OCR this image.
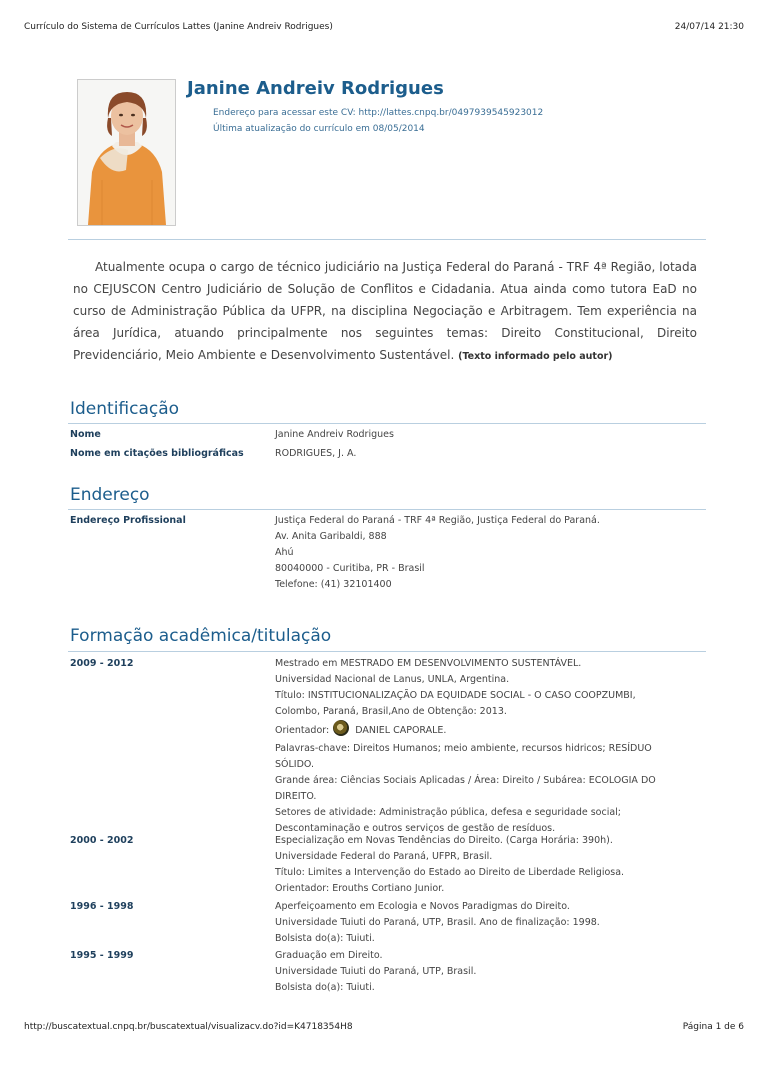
Currículo do Sistema de Currículos Lattes (Janine Andreiv Rodrigues)	24/07/14 21:30
Janine Andreiv Rodrigues
Endereço para acessar este CV: http://lattes.cnpq.br/0497939545923012
Última atualização do currículo em 08/05/2014
Atualmente ocupa o cargo de técnico judiciário na Justiça Federal do Paraná - TRF 4ª Região, lotada no CEJUSCON Centro Judiciário de Solução de Conflitos e Cidadania. Atua ainda como tutora EaD no curso de Administração Pública da UFPR, na disciplina Negociação e Arbitragem. Tem experiência na área Jurídica, atuando principalmente nos seguintes temas: Direito Constitucional, Direito Previdenciário, Meio Ambiente e Desenvolvimento Sustentável. (Texto informado pelo autor)
Identificação
Nome	Janine Andreiv Rodrigues
Nome em citações bibliográficas	RODRIGUES, J. A.
Endereço
Endereço Profissional	Justiça Federal do Paraná - TRF 4ª Região, Justiça Federal do Paraná.
Av. Anita Garibaldi, 888
Ahú
80040000 - Curitiba, PR - Brasil
Telefone: (41) 32101400
Formação acadêmica/titulação
2009 - 2012	Mestrado em MESTRADO EM DESENVOLVIMENTO SUSTENTÁVEL.
Universidad Nacional de Lanus, UNLA, Argentina.
Título: INSTITUCIONALIZAÇÃO DA EQUIDADE SOCIAL - O CASO COOPZUMBI,
Colombo, Paraná, Brasil,Ano de Obtenção: 2013.
Orientador:	DANIEL CAPORALE.
Palavras-chave: Direitos Humanos; meio ambiente, recursos hidricos; RESÍDUO
SÓLIDO.
Grande área: Ciências Sociais Aplicadas / Área: Direito / Subárea: ECOLOGIA DO
DIREITO.
Setores de atividade: Administração pública, defesa e seguridade social;
Descontaminação e outros serviços de gestão de resíduos.
2000 - 2002	Especialização em Novas Tendências do Direito. (Carga Horária: 390h).
Universidade Federal do Paraná, UFPR, Brasil.
Título: Limites a Intervenção do Estado ao Direito de Liberdade Religiosa.
Orientador: Erouths Cortiano Junior.
1996 - 1998	Aperfeiçoamento em Ecologia e Novos Paradigmas do Direito.
Universidade Tuiuti do Paraná, UTP, Brasil. Ano de finalização: 1998.
Bolsista do(a): Tuiuti.
1995 - 1999	Graduação em Direito.
Universidade Tuiuti do Paraná, UTP, Brasil.
Bolsista do(a): Tuiuti.
http://buscatextual.cnpq.br/buscatextual/visualizacv.do?id=K4718354H8	Página 1 de 6
